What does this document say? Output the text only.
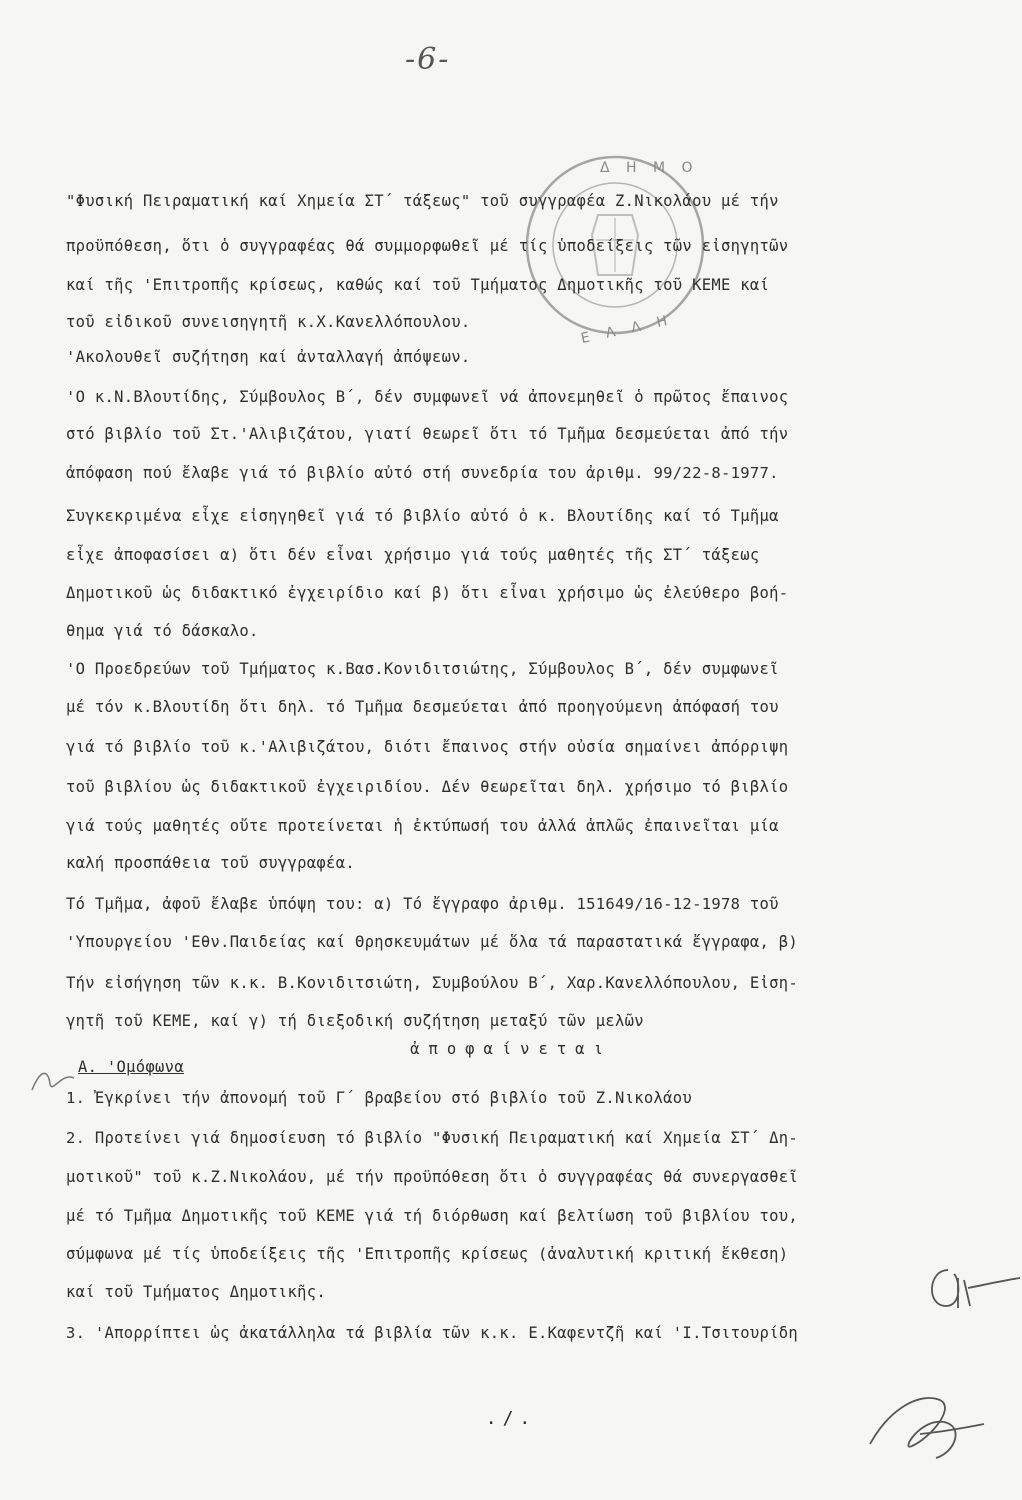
-6-
Δ Η Μ Ο
Ε Λ Λ Η
"Φυσική Πειραματική καί Χημεία ΣΤ΄ τάξεως" τοῦ συγγραφέα Ζ.Νικολάου μέ τήν
προϋπόθεση, ὅτι ὁ συγγραφέας θά συμμορφωθεῖ μέ τίς ὑποδείξεις τῶν εἰσηγητῶν
καί τῆς 'Επιτροπῆς κρίσεως, καθώς καί τοῦ Τμήματος Δημοτικῆς τοῦ ΚΕΜΕ καί
τοῦ εἰδικοῦ συνεισηγητῆ κ.Χ.Κανελλόπουλου.
'Ακολουθεῖ συζήτηση καί ἀνταλλαγή ἀπόψεων.
'Ο κ.Ν.Βλουτίδης, Σύμβουλος Β΄, δέν συμφωνεῖ νά ἀπονεμηθεῖ ὁ πρῶτος ἔπαινος
στό βιβλίο τοῦ Στ.'Αλιβιζάτου, γιατί θεωρεῖ ὅτι τό Τμῆμα δεσμεύεται ἀπό τήν
ἀπόφαση πού ἔλαβε γιά τό βιβλίο αὐτό στή συνεδρία του ἀριθμ. 99/22-8-1977.
Συγκεκριμένα εἶχε εἰσηγηθεῖ γιά τό βιβλίο αὐτό ὁ κ. Βλουτίδης καί τό Τμῆμα
εἶχε ἀποφασίσει α) ὅτι δέν εἶναι χρήσιμο γιά τούς μαθητές τῆς ΣΤ΄ τάξεως
Δημοτικοῦ ὡς διδακτικό ἐγχειρίδιο καί β) ὅτι εἶναι χρήσιμο ὡς ἐλεύθερο βοή-
θημα γιά τό δάσκαλο.
'Ο Προεδρεύων τοῦ Τμήματος κ.Βασ.Κονιδιτσιώτης, Σύμβουλος Β΄, δέν συμφωνεῖ
μέ τόν κ.Βλουτίδη ὅτι δηλ. τό Τμῆμα δεσμεύεται ἀπό προηγούμενη ἀπόφασή του
γιά τό βιβλίο τοῦ κ.'Αλιβιζάτου, διότι ἔπαινος στήν οὐσία σημαίνει ἀπόρριψη
τοῦ βιβλίου ὡς διδακτικοῦ ἐγχειριδίου. Δέν θεωρεῖται δηλ. χρήσιμο τό βιβλίο
γιά τούς μαθητές οὔτε προτείνεται ἡ ἐκτύπωσή του ἀλλά ἁπλῶς ἐπαινεῖται μία
καλή προσπάθεια τοῦ συγγραφέα.
Τό Τμῆμα, ἀφοῦ ἔλαβε ὑπόψη του: α) Τό ἔγγραφο ἀριθμ. 151649/16-12-1978 τοῦ
'Υπουργείου 'Εθν.Παιδείας καί Θρησκευμάτων μέ ὅλα τά παραστατικά ἔγγραφα, β)
Τήν εἰσήγηση τῶν κ.κ. Β.Κονιδιτσιώτη, Συμβούλου Β΄, Χαρ.Κανελλόπουλου, Εἰση-
γητῆ τοῦ ΚΕΜΕ, καί γ) τή διεξοδική συζήτηση μεταξύ τῶν μελῶν
ἀποφαίνεται
Α. 'Ομόφωνα
1. Ἐγκρίνει τήν ἀπονομή τοῦ Γ΄ βραβείου στό βιβλίο τοῦ Ζ.Νικολάου
2. Προτείνει γιά δημοσίευση τό βιβλίο "Φυσική Πειραματική καί Χημεία ΣΤ΄ Δη-
μοτικοῦ" τοῦ κ.Ζ.Νικολάου, μέ τήν προϋπόθεση ὅτι ὁ συγγραφέας θά συνεργασθεῖ
μέ τό Τμῆμα Δημοτικῆς τοῦ ΚΕΜΕ γιά τή διόρθωση καί βελτίωση τοῦ βιβλίου του,
σύμφωνα μέ τίς ὑποδείξεις τῆς 'Επιτροπῆς κρίσεως (ἀναλυτική κριτική ἔκθεση)
καί τοῦ Τμήματος Δημοτικῆς.
3. 'Απορρίπτει ὡς ἀκατάλληλα τά βιβλία τῶν κ.κ. Ε.Καφεντζῆ καί 'Ι.Τσιτουρίδη
./.
